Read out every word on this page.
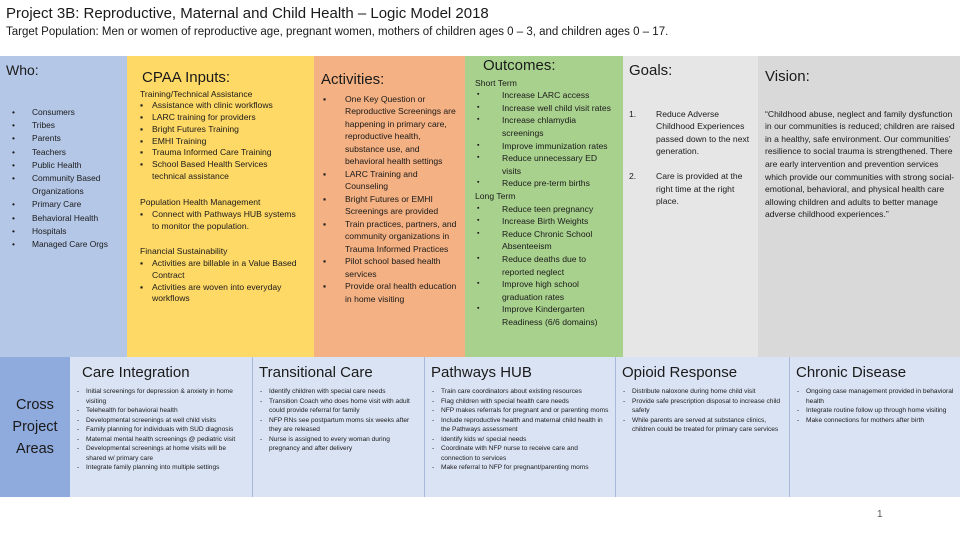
Project 3B: Reproductive, Maternal and Child Health – Logic Model 2018
Target Population: Men or women of reproductive age, pregnant women, mothers of children ages 0 – 3, and children ages 0 – 17.
Who:
• Consumers
• Tribes
• Parents
• Teachers
• Public Health
• Community Based Organizations
• Primary Care
• Behavioral Health
• Hospitals
• Managed Care Orgs
CPAA Inputs:
Training/Technical Assistance
▪ Assistance with clinic workflows
▪ LARC training for providers
▪ Bright Futures Training
▪ EMHI Training
▪ Trauma Informed Care Training
▪ School Based Health Services technical assistance
Population Health Management
▪ Connect with Pathways HUB systems to monitor the population.
Financial Sustainability
▪ Activities are billable in a Value Based Contract
▪ Activities are woven into everyday workflows
Activities:
▪ One Key Question or Reproductive Screenings are happening in primary care, reproductive health, substance use, and behavioral health settings
▪ LARC Training and Counseling
▪ Bright Futures or EMHI Screenings are provided
▪ Train practices, partners, and community organizations in Trauma Informed Practices
▪ Pilot school based health services
▪ Provide oral health education in home visiting
Outcomes:
Short Term
▪ Increase LARC access
▪ Increase well child visit rates
▪ Increase chlamydia screenings
▪ Improve immunization rates
▪ Reduce unnecessary ED visits
▪ Reduce pre-term births
Long Term
▪ Reduce teen pregnancy
▪ Increase Birth Weights
▪ Reduce Chronic School Absenteeism
▪ Reduce deaths due to reported neglect
▪ Improve high school graduation rates
▪ Improve Kindergarten Readiness (6/6 domains)
Goals:
1. Reduce Adverse Childhood Experiences passed down to the next generation.
2. Care is provided at the right time at the right place.
Vision:

“Childhood abuse, neglect and family dysfunction in our communities is reduced; children are raised in a healthy, safe environment. Our communities’ resilience to social trauma is strengthened. There are early intervention and prevention services which provide our communities with strong social-emotional, behavioral, and physical health care allowing children and adults to better manage adverse childhood experiences.”

Cross
Project
Areas
Care Integration
- Initial screenings for depression & anxiety in home visiting
- Telehealth for behavioral health
- Developmental screenings at well child visits
- Family planning for individuals with SUD diagnosis
- Maternal mental health screenings @ pediatric visit
- Developmental screenings at home visits will be shared w/ primary care
- Integrate family planning into multiple settings
Transitional Care
- Identify children with special care needs
- Transition Coach who does home visit with adult could provide referral for family
- NFP RNs see postpartum moms six weeks after they are released
- Nurse is assigned to every woman during pregnancy and after delivery
Pathways HUB
- Train care coordinators about existing resources
- Flag children with special health care needs
- NFP makes referrals for pregnant and or parenting moms
- Include reproductive health and maternal child health in the Pathways assessment
- Identify kids w/ special needs
- Coordinate with NFP nurse to receive care and connection to services
- Make referral to NFP for pregnant/parenting moms
Opioid Response
- Distribute naloxone during home child visit
- Provide safe prescription disposal to increase child safety
- While parents are served at substance clinics, children could be treated for primary care services
Chronic Disease
- Ongoing case management provided in behavioral health
- Integrate routine follow up through home visiting
- Make connections for mothers after birth
1
